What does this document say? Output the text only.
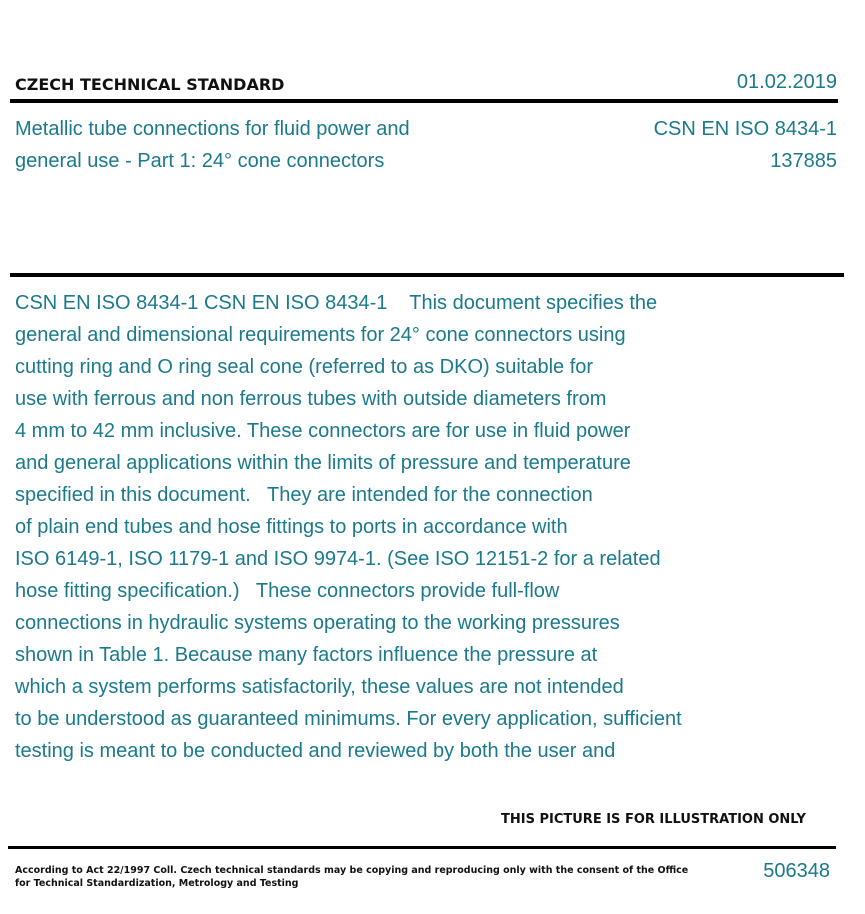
CZECH TECHNICAL STANDARD	01.02.2019
Metallic tube connections for fluid power and
general use - Part 1: 24° cone connectors
CSN EN ISO 8434-1
137885
CSN EN ISO 8434-1 CSN EN ISO 8434-1    This document specifies the
general and dimensional requirements for 24° cone connectors using
cutting ring and O ring seal cone (referred to as DKO) suitable for
use with ferrous and non ferrous tubes with outside diameters from
4 mm to 42 mm inclusive. These connectors are for use in fluid power
and general applications within the limits of pressure and temperature
specified in this document.   They are intended for the connection
of plain end tubes and hose fittings to ports in accordance with
ISO 6149-1, ISO 1179-1 and ISO 9974-1. (See ISO 12151-2 for a related
hose fitting specification.)   These connectors provide full-flow
connections in hydraulic systems operating to the working pressures
shown in Table 1. Because many factors influence the pressure at
which a system performs satisfactorily, these values are not intended
to be understood as guaranteed minimums. For every application, sufficient
testing is meant to be conducted and reviewed by both the user and
THIS PICTURE IS FOR ILLUSTRATION ONLY
According to Act 22/1997 Coll. Czech technical standards may be copying and reproducing only with the consent of the Office
for Technical Standardization, Metrology and Testing
506348
